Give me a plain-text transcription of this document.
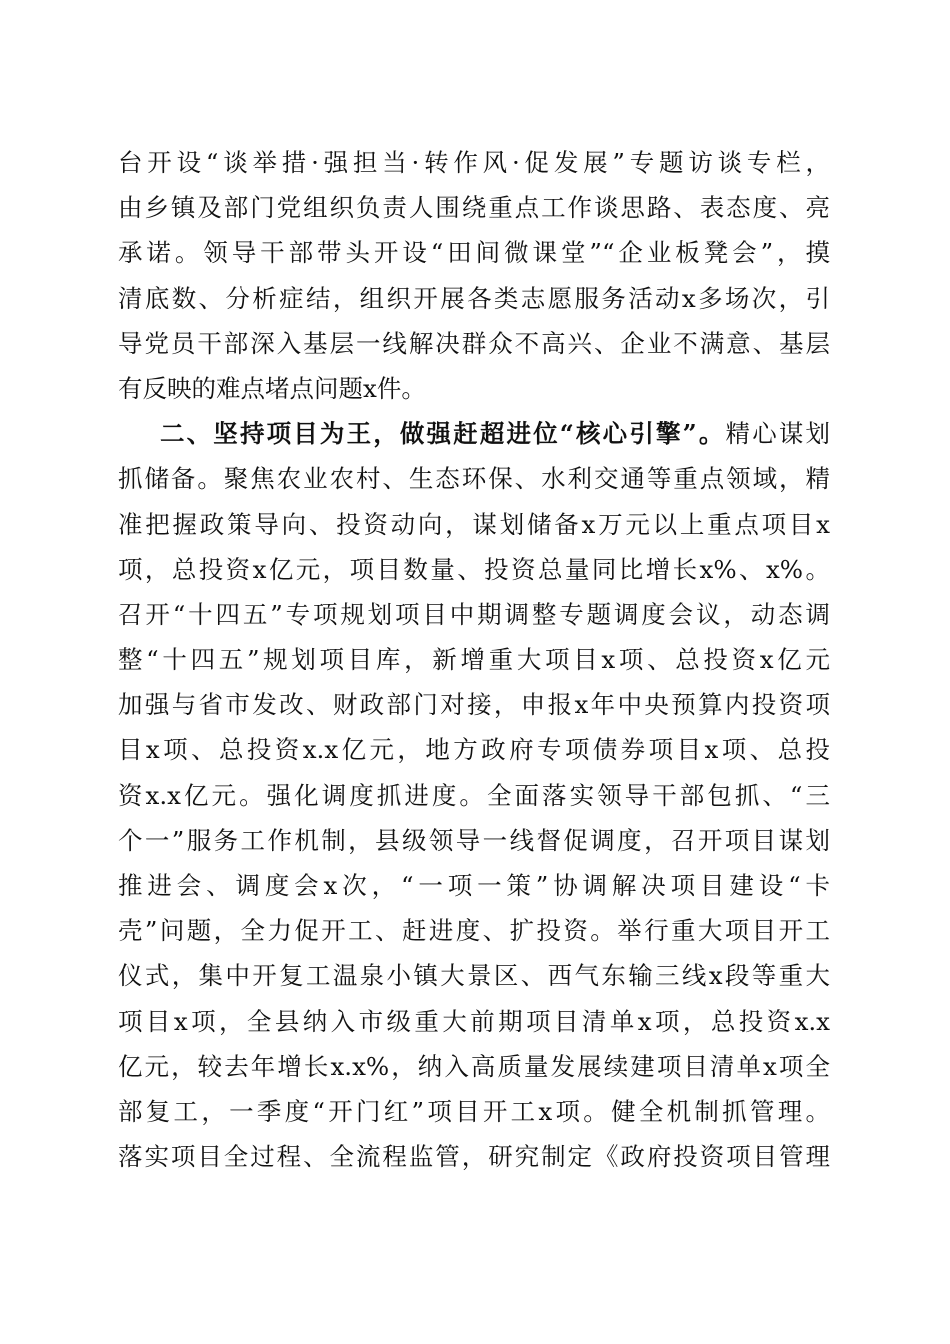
台开设“谈举措·强担当·转作风·促发展”专题访谈专栏，
由乡镇及部门党组织负责人围绕重点工作谈思路、表态度、亮
承诺。领导干部带头开设“田间微课堂”“企业板凳会”，摸
清底数、分析症结，组织开展各类志愿服务活动x多场次，引
导党员干部深入基层一线解决群众不高兴、企业不满意、基层
有反映的难点堵点问题x件。
二、坚持项目为王，做强赶超进位“核心引擎”。精心谋划
抓储备。聚焦农业农村、生态环保、水利交通等重点领域，精
准把握政策导向、投资动向，谋划储备x万元以上重点项目x
项，总投资x亿元，项目数量、投资总量同比增长x%、x%。
召开“十四五”专项规划项目中期调整专题调度会议，动态调
整“十四五”规划项目库，新增重大项目x项、总投资x亿元
加强与省市发改、财政部门对接，申报x年中央预算内投资项
目x项、总投资x.x亿元，地方政府专项债券项目x项、总投
资x.x亿元。强化调度抓进度。全面落实领导干部包抓、“三
个一”服务工作机制，县级领导一线督促调度，召开项目谋划
推进会、调度会x次，“一项一策”协调解决项目建设“卡
壳”问题，全力促开工、赶进度、扩投资。举行重大项目开工
仪式，集中开复工温泉小镇大景区、西气东输三线x段等重大
项目x项，全县纳入市级重大前期项目清单x项，总投资x.x
亿元，较去年增长x.x%，纳入高质量发展续建项目清单x项全
部复工，一季度“开门红”项目开工x项。健全机制抓管理。
落实项目全过程、全流程监管，研究制定《政府投资项目管理
